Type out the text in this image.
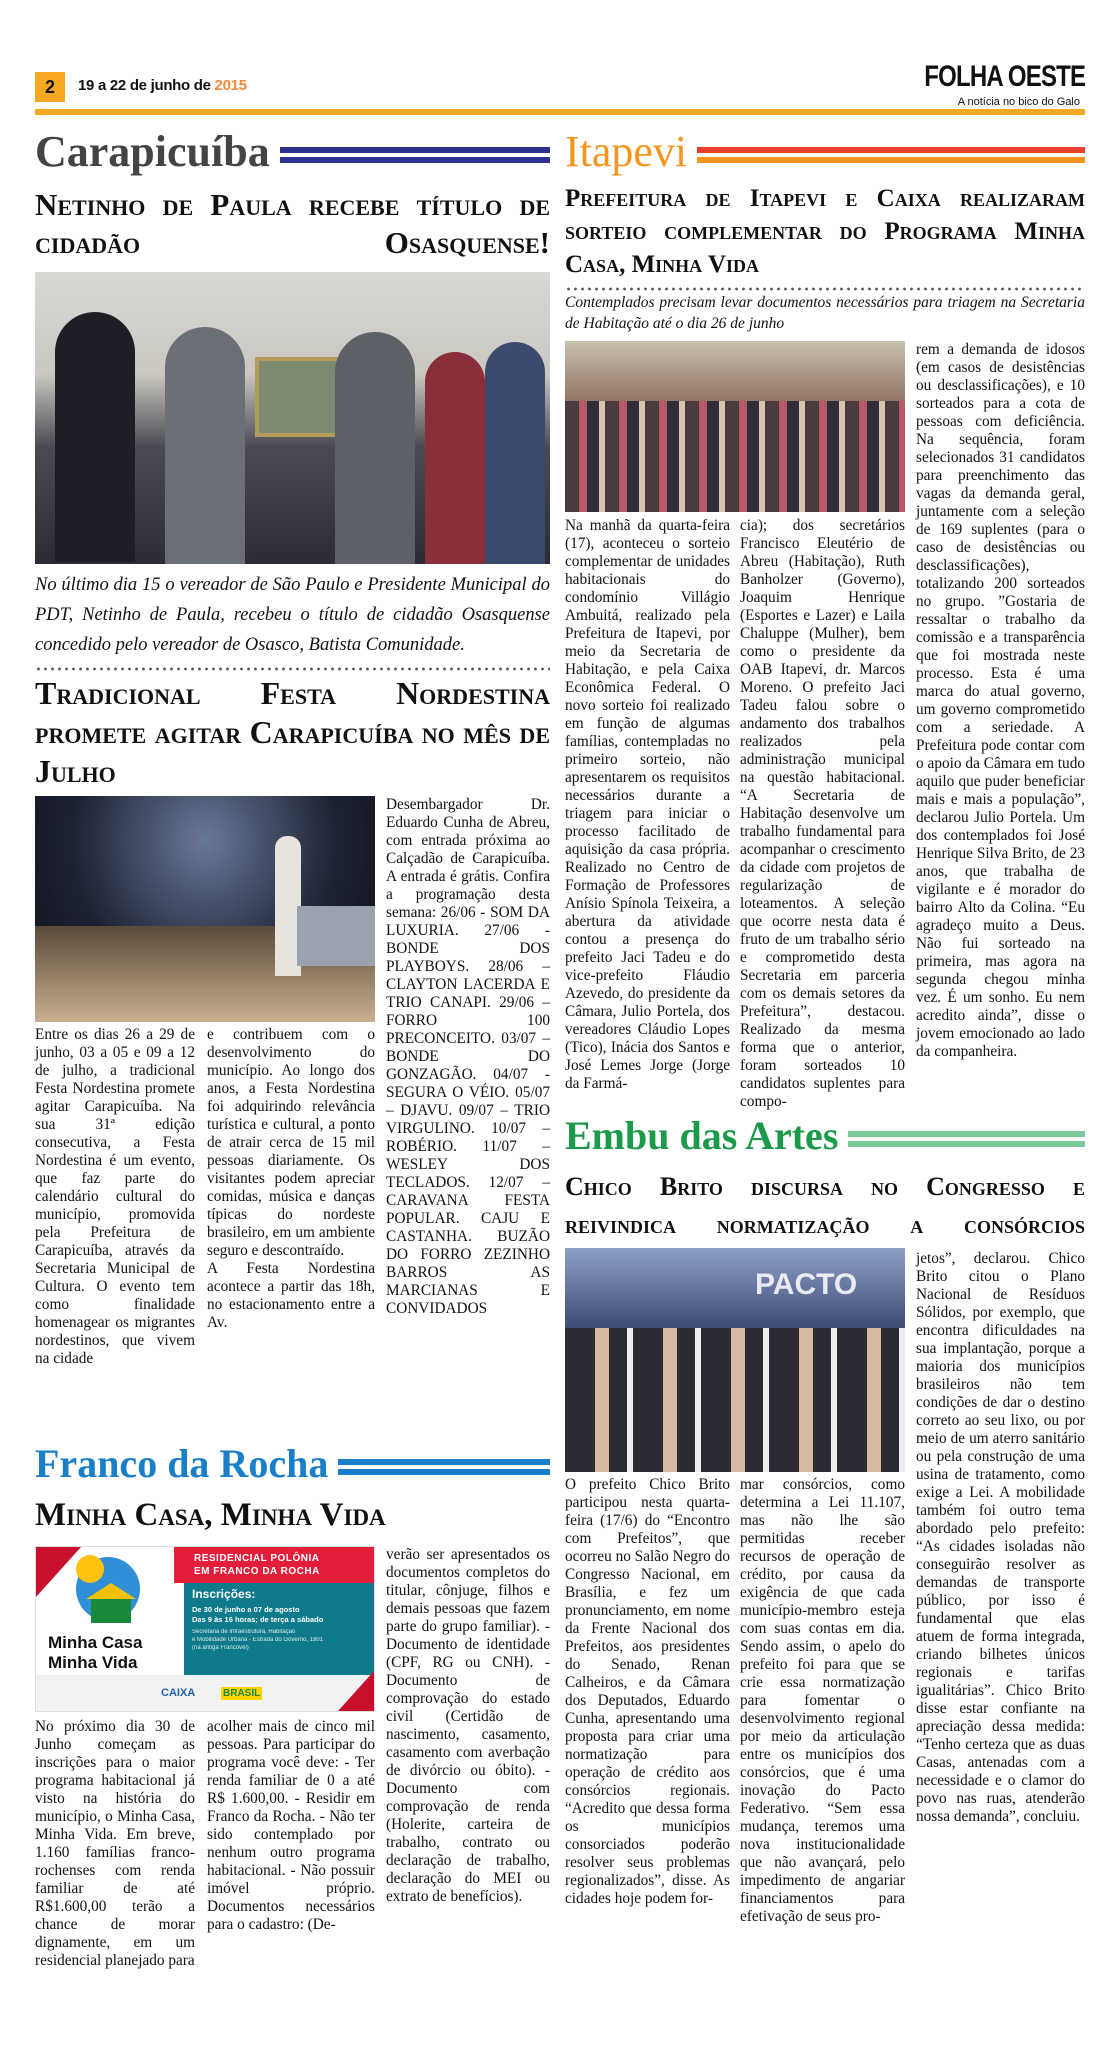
2	19 a 22 de junho de 2015	FOLHA OESTE
A notícia no bico do Galo
Carapicuíba
Netinho de Paula recebe título de cidadão Osasquense!
No último dia 15 o vereador de São Paulo e Presidente Municipal do PDT, Netinho de Paula, recebeu o título de cidadão Osasquense concedido pelo vereador de Osasco, Batista Comunidade.
Tradicional Festa Nordestina promete agitar Carapicuíba no mês de Julho
Entre os dias 26 a 29 de junho, 03 a 05 e 09 a 12 de julho, a tradicional Festa Nordestina promete agitar Carapicuíba. Na sua 31ª edição consecutiva, a Festa Nordestina é um evento, que faz parte do calendário cultural do município, promovida pela Prefeitura de Carapicuíba, através da Secretaria Municipal de Cultura. O evento tem como finalidade homenagear os migrantes nordestinos, que vivem na cidade

e contribuem com o desenvolvimento do município. Ao longo dos anos, a Festa Nordestina foi adquirindo relevância turística e cultural, a ponto de atrair cerca de 15 mil pessoas diariamente. Os visitantes podem apreciar comidas, música e danças típicas do nordeste brasileiro, em um ambiente seguro e descontraído.

A Festa Nordestina acontece a partir das 18h, no estacionamento entre a Av.

Desembargador Dr. Eduardo Cunha de Abreu, com entrada próxima ao Calçadão de Carapicuíba. A entrada é grátis. Confira a programação desta semana: 26/06 - SOM DA LUXURIA. 27/06 - BONDE DOS PLAYBOYS. 28/06 – CLAYTON LACERDA E TRIO CANAPI. 29/06 – FORRO 100 PRECONCEITO. 03/07 – BONDE DO GONZAGÃO. 04/07 -SEGURA O VÉIO. 05/07 – DJAVU. 09/07 – TRIO VIRGULINO. 10/07 – ROBÉRIO. 11/07 – WESLEY DOS TECLADOS. 12/07 – CARAVANA FESTA POPULAR. CAJU E CASTANHA. BUZÃO DO FORRO ZEZINHO BARROS AS MARCIANAS E CONVIDADOS
Franco da Rocha
Minha Casa, Minha Vida
Minha Casa
Minha Vida
RESIDENCIAL POLÔNIA
EM FRANCO DA ROCHA
Inscrições:
De 30 de junho a 07 de agosto
Das 9 às 16 horas; de terça a sábado
Secretaria de Infraestrutura, Habitação
e Mobilidade Urbana - Estrada do Governo, 1801
(na antiga Francovel)
CAIXA	BRASIL
No próximo dia 30 de Junho começam as inscrições para o maior programa habitacional já visto na história do município, o Minha Casa, Minha Vida. Em breve, 1.160 famílias franco-rochenses com renda familiar de até R$1.600,00 terão a chance de morar dignamente, em um residencial planejado para
acolher mais de cinco mil pessoas. Para participar do programa você deve: - Ter renda familiar de 0 a até R$ 1.600,00. - Residir em Franco da Rocha. - Não ter sido contemplado por nenhum outro programa habitacional. - Não possuir imóvel próprio. Documentos necessários para o cadastro: (De-
verão ser apresentados os documentos completos do titular, cônjuge, filhos e demais pessoas que fazem parte do grupo familiar). - Documento de identidade (CPF, RG ou CNH). - Documento de comprovação do estado civil (Certidão de nascimento, casamento, casamento com averbação de divórcio ou óbito). - Documento com comprovação de renda (Holerite, carteira de trabalho, contrato ou declaração de trabalho, declaração do MEI ou extrato de benefícios).
Itapevi
Prefeitura de Itapevi e Caixa realizaram sorteio complementar do Programa Minha Casa, Minha Vida
Contemplados precisam levar documentos necessários para triagem na Secretaria de Habitação até o dia 26 de junho
Na manhã da quarta-feira (17), aconteceu o sorteio complementar de unidades habitacionais do condomínio Villágio Ambuitá, realizado pela Prefeitura de Itapevi, por meio da Secretaria de Habitação, e pela Caixa Econômica Federal. O novo sorteio foi realizado em função de algumas famílias, contempladas no primeiro sorteio, não apresentarem os requisitos necessários durante a triagem para iniciar o processo facilitado de aquisição da casa própria. Realizado no Centro de Formação de Professores Anísio Spínola Teixeira, a abertura da atividade contou a presença do prefeito Jaci Tadeu e do vice-prefeito Fláudio Azevedo, do presidente da Câmara, Julio Portela, dos vereadores Cláudio Lopes (Tico), Inácia dos Santos e José Lemes Jorge (Jorge da Farmá-
cia); dos secretários Francisco Eleutério de Abreu (Habitação), Ruth Banholzer (Governo), Joaquim Henrique (Esportes e Lazer) e Laila Chaluppe (Mulher), bem como o presidente da OAB Itapevi, dr. Marcos Moreno. O prefeito Jaci Tadeu falou sobre o andamento dos trabalhos realizados pela administração municipal na questão habitacional. “A Secretaria de Habitação desenvolve um trabalho fundamental para acompanhar o crescimento da cidade com projetos de regularização de loteamentos. A seleção que ocorre nesta data é fruto de um trabalho sério e comprometido desta Secretaria em parceria com os demais setores da Prefeitura”, destacou. Realizado da mesma forma que o anterior, foram sorteados 10 candidatos suplentes para compo-
rem a demanda de idosos (em casos de desistências ou desclassificações), e 10 sorteados para a cota de pessoas com deficiência. Na sequência, foram selecionados 31 candidatos para preenchimento das vagas da demanda geral, juntamente com a seleção de 169 suplentes (para o caso de desistências ou desclassificações), totalizando 200 sorteados no grupo. ”Gostaria de ressaltar o trabalho da comissão e a transparência que foi mostrada neste processo. Esta é uma marca do atual governo, um governo comprometido com a seriedade. A Prefeitura pode contar com o apoio da Câmara em tudo aquilo que puder beneficiar mais e mais a população”, declarou Julio Portela. Um dos contemplados foi José Henrique Silva Brito, de 23 anos, que trabalha de vigilante e é morador do bairro Alto da Colina. “Eu agradeço muito a Deus. Não fui sorteado na primeira, mas agora na segunda chegou minha vez. É um sonho. Eu nem acredito ainda”, disse o jovem emocionado ao lado da companheira.
Embu das Artes
Chico Brito discursa no Congresso e reivindica normatização a consórcios
PACTO
O prefeito Chico Brito participou nesta quarta-feira (17/6) do “Encontro com Prefeitos”, que ocorreu no Salão Negro do Congresso Nacional, em Brasília, e fez um pronunciamento, em nome da Frente Nacional dos Prefeitos, aos presidentes do Senado, Renan Calheiros, e da Câmara dos Deputados, Eduardo Cunha, apresentando uma proposta para criar uma normatização para operação de crédito aos consórcios regionais. “Acredito que dessa forma os municípios consorciados poderão resolver seus problemas regionalizados”, disse. As cidades hoje podem for-
mar consórcios, como determina a Lei 11.107, mas não lhe são permitidas receber recursos de operação de crédito, por causa da exigência de que cada município-membro esteja com suas contas em dia. Sendo assim, o apelo do prefeito foi para que se crie essa normatização para fomentar o desenvolvimento regional por meio da articulação entre os municípios dos consórcios, que é uma inovação do Pacto Federativo. “Sem essa mudança, teremos uma nova institucionalidade que não avançará, pelo impedimento de angariar financiamentos para efetivação de seus pro-
jetos”, declarou. Chico Brito citou o Plano Nacional de Resíduos Sólidos, por exemplo, que encontra dificuldades na sua implantação, porque a maioria dos municípios brasileiros não tem condições de dar o destino correto ao seu lixo, ou por meio de um aterro sanitário ou pela construção de uma usina de tratamento, como exige a Lei. A mobilidade também foi outro tema abordado pelo prefeito: “As cidades isoladas não conseguirão resolver as demandas de transporte público, por isso é fundamental que elas atuem de forma integrada, criando bilhetes únicos regionais e tarifas igualitárias”. Chico Brito disse estar confiante na apreciação dessa medida: “Tenho certeza que as duas Casas, antenadas com a necessidade e o clamor do povo nas ruas, atenderão nossa demanda”, concluiu.
